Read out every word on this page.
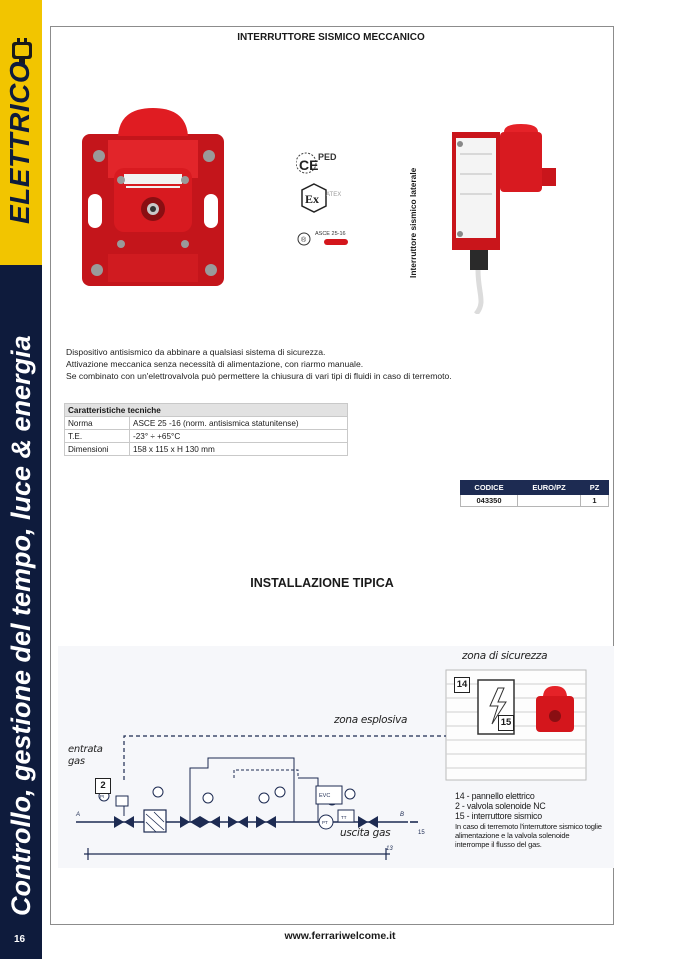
ELETTRICO
Controllo, gestione del tempo, luce & energia
16
INTERRUTTORE SISMICO MECCANICO
PED
CE
Ex ATEX
®
ASCE 25-16	Interruttore sismico laterale
Dispositivo antisismico da abbinare a qualsiasi sistema di sicurezza.
Attivazione meccanica senza necessità di alimentazione, con riarmo manuale.
Se combinato con un'elettrovalvola può permettere la chiusura di vari tipi di fluidi in caso di terremoto.
Caratteristiche tecniche	
Norma	ASCE 25 -16 (norm. antisismica statunitense)
T.E.	-23° ÷ +65°C
Dimensioni	158 x 115 x H 130 mm
CODICE	EURO/PZ	PZ
043350		1
INSTALLAZIONE TIPICA
PI
PT
EVC
TT
A	B
15
13
zona di sicurezza
zona esplosiva
entrata gas
uscita gas
14
15
2
14 - pannello elettrico
2 - valvola solenoide NC
15 - interruttore sismico
In caso di terremoto l'interruttore sismico toglie alimentazione e la valvola solenoide interrompe il flusso del gas.
www.ferrariwelcome.it
